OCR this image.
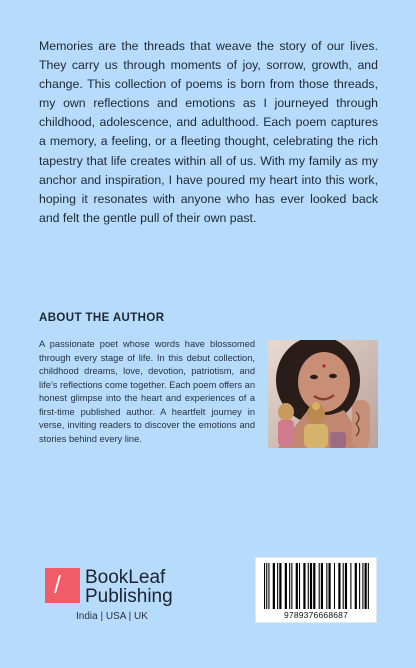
Memories are the threads that weave the story of our lives. They carry us through moments of joy, sorrow, growth, and change. This collection of poems is born from those threads, my own reflections and emotions as I journeyed through childhood, adolescence, and adulthood. Each poem captures a memory, a feeling, or a fleeting thought, celebrating the rich tapestry that life creates within all of us. With my family as my anchor and inspiration, I have poured my heart into this work, hoping it resonates with anyone who has ever looked back and felt the gentle pull of their own past.

ABOUT THE AUTHOR

A passionate poet whose words have blossomed through every stage of life. In this debut collection, childhood dreams, love, devotion, patriotism, and life’s reflections come together. Each poem offers an honest glimpse into the heart and experiences of a first-time published author. A heartfelt journey in verse, inviting readers to discover the emotions and stories behind every line.

/ BookLeaf
Publishing
India | USA | UK	9789376668687
